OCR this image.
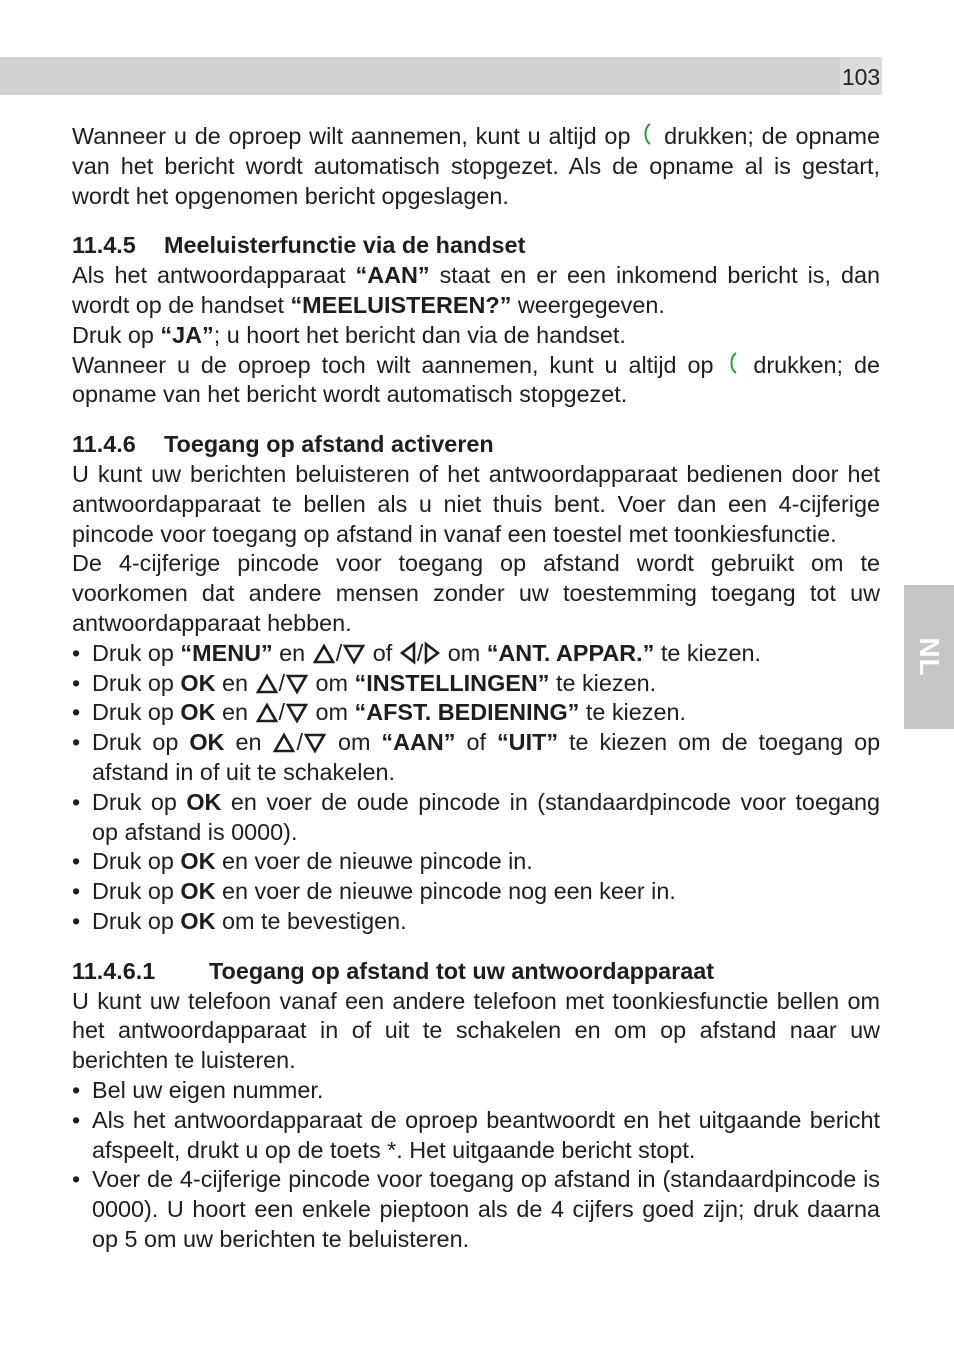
103
NL

Wanneer u de oproep wilt aannemen, kunt u altijd op drukken; de opname van het bericht wordt automatisch stopgezet. Als de opname al is gestart, wordt het opgenomen bericht opgeslagen.

11.4.5 Meeluisterfunctie via de handset

Als het antwoordapparaat “AAN” staat en er een inkomend bericht is, dan wordt op de handset “MEELUISTEREN?” weergegeven.

Druk op “JA”; u hoort het bericht dan via de handset.

Wanneer u de oproep toch wilt aannemen, kunt u altijd op drukken; de opname van het bericht wordt automatisch stopgezet.

11.4.6 Toegang op afstand activeren

U kunt uw berichten beluisteren of het antwoordapparaat bedienen door het antwoordapparaat te bellen als u niet thuis bent. Voer dan een 4-cijferige pincode voor toegang op afstand in vanaf een toestel met toonkiesfunctie.

De 4-cijferige pincode voor toegang op afstand wordt gebruikt om te voorkomen dat andere mensen zonder uw toestemming toegang tot uw antwoordapparaat hebben.

• Druk op “MENU” en / of / om “ANT. APPAR.” te kiezen.
• Druk op OK en / om “INSTELLINGEN” te kiezen.
• Druk op OK en / om “AFST. BEDIENING” te kiezen.
• Druk op OK en / om “AAN” of “UIT” te kiezen om de toegang op afstand in of uit te schakelen.
• Druk op OK en voer de oude pincode in (standaardpincode voor toegang op afstand is 0000).
• Druk op OK en voer de nieuwe pincode in.
• Druk op OK en voer de nieuwe pincode nog een keer in.
• Druk op OK om te bevestigen.
11.4.6.1 Toegang op afstand tot uw antwoordapparaat

U kunt uw telefoon vanaf een andere telefoon met toonkiesfunctie bellen om het antwoordapparaat in of uit te schakelen en om op afstand naar uw berichten te luisteren.

• Bel uw eigen nummer.
• Als het antwoordapparaat de oproep beantwoordt en het uitgaande bericht afspeelt, drukt u op de toets *. Het uitgaande bericht stopt.
• Voer de 4-cijferige pincode voor toegang op afstand in (standaardpincode is 0000). U hoort een enkele pieptoon als de 4 cijfers goed zijn; druk daarna op 5 om uw berichten te beluisteren.
